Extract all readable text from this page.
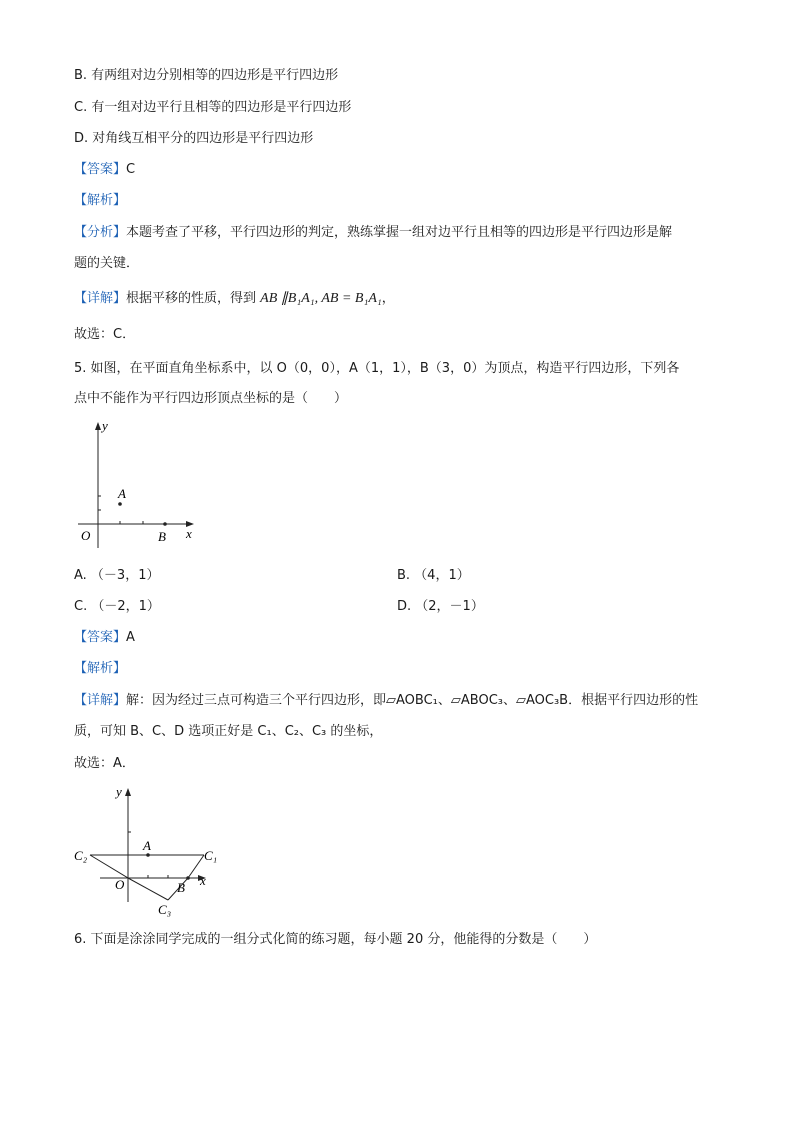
B. 有两组对边分别相等的四边形是平行四边形
C. 有一组对边平行且相等的四边形是平行四边形
D. 对角线互相平分的四边形是平行四边形
【答案】C
【解析】
【分析】本题考查了平移，平行四边形的判定，熟练掌握一组对边平行且相等的四边形是平行四边形是解
题的关键．
【详解】根据平移的性质，得到 AB ∥B₁A₁, AB = B₁A₁，
故选：C．
5. 如图，在平面直角坐标系中，以 O（0，0），A（1，1），B（3，0）为顶点，构造平行四边形，下列各
点中不能作为平行四边形顶点坐标的是（　　）
y
x
O
A
B
A. （－3，1）	B. （4，1）
C. （－2，1）	D. （2，－1）
【答案】A
【解析】
【详解】解：因为经过三点可构造三个平行四边形，即▱AOBC₁、▱ABOC₃、▱AOC₃B．根据平行四边形的性
质，可知 B、C、D 选项正好是 C₁、C₂、C₃ 的坐标，
故选：A．
y
x
O
A
B
C₁
C₂
C₃
6. 下面是涂涂同学完成的一组分式化简的练习题，每小题 20 分，他能得的分数是（　　）
